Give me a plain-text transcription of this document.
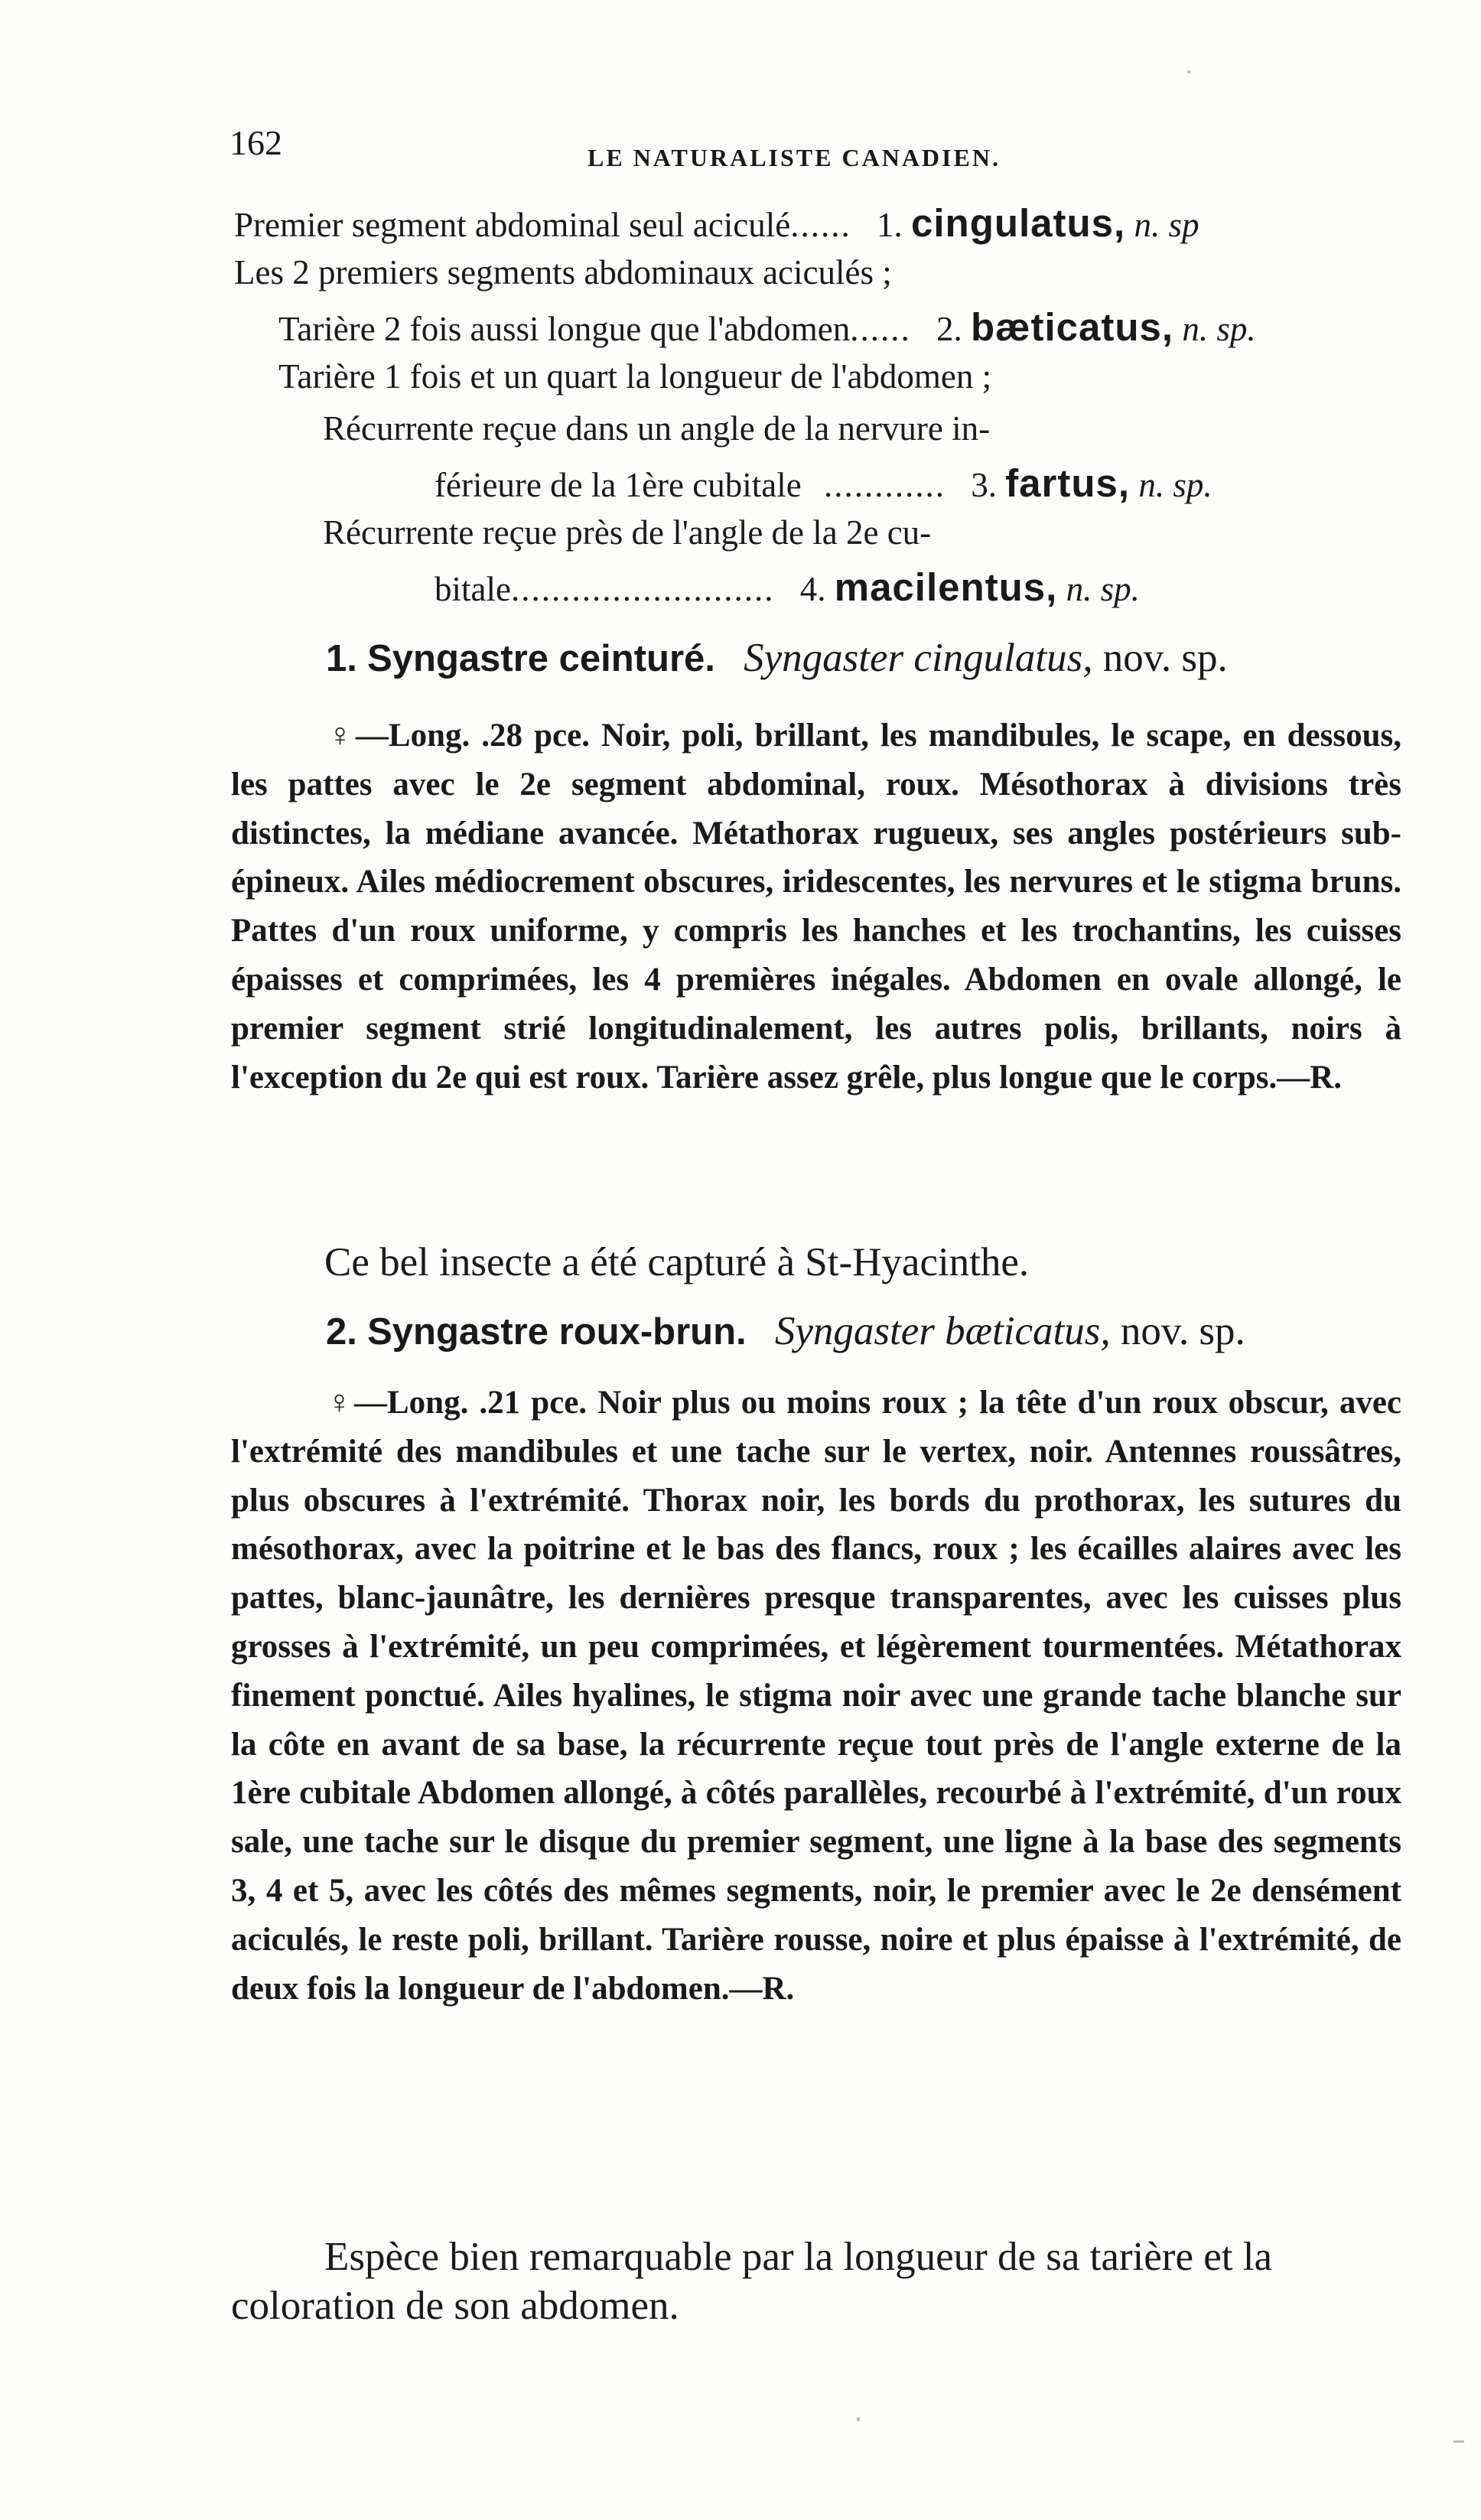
162	LE NATURALISTE CANADIEN.
Premier segment abdominal seul aciculé...... 1. cingulatus, n. sp
Les 2 premiers segments abdominaux aciculés ;
Tarière 2 fois aussi longue que l'abdomen...... 2. bæticatus, n. sp.
Tarière 1 fois et un quart la longueur de l'abdomen ;
Récurrente reçue dans un angle de la nervure in-
férieure de la 1ère cubitale ............ 3. fartus, n. sp.
Récurrente reçue près de l'angle de la 2e cu-
bitale.......................... 4. macilentus, n. sp.
1. Syngastre ceinturé. Syngaster cingulatus, nov. sp.
♀—Long. .28 pce. Noir, poli, brillant, les mandibules, le scape, en dessous, les pattes avec le 2e segment abdominal, roux. Mésothorax à divisions très distinctes, la médiane avancée. Métathorax rugueux, ses angles postérieurs sub-épineux. Ailes médiocrement obscures, iridescentes, les nervures et le stigma bruns. Pattes d'un roux uniforme, y compris les hanches et les trochantins, les cuisses épaisses et comprimées, les 4 premières inégales. Abdomen en ovale allongé, le premier segment strié longitudinalement, les autres polis, brillants, noirs à l'exception du 2e qui est roux. Tarière assez grêle, plus longue que le corps.—R.
Ce bel insecte a été capturé à St-Hyacinthe.
2. Syngastre roux-brun. Syngaster bæticatus, nov. sp.
♀—Long. .21 pce. Noir plus ou moins roux ; la tête d'un roux obscur, avec l'extrémité des mandibules et une tache sur le vertex, noir. Antennes roussâtres, plus obscures à l'extrémité. Thorax noir, les bords du prothorax, les sutures du mésothorax, avec la poitrine et le bas des flancs, roux ; les écailles alaires avec les pattes, blanc-jaunâtre, les dernières presque transparentes, avec les cuisses plus grosses à l'extrémité, un peu comprimées, et légèrement tourmentées. Métathorax finement ponctué. Ailes hyalines, le stigma noir avec une grande tache blanche sur la côte en avant de sa base, la récurrente reçue tout près de l'angle externe de la 1ère cubitale Abdomen allongé, à côtés parallèles, recourbé à l'extrémité, d'un roux sale, une tache sur le disque du premier segment, une ligne à la base des segments 3, 4 et 5, avec les côtés des mêmes segments, noir, le premier avec le 2e densément aciculés, le reste poli, brillant. Tarière rousse, noire et plus épaisse à l'extrémité, de deux fois la longueur de l'abdomen.—R.
Espèce bien remarquable par la longueur de sa tarière et la coloration de son abdomen.
